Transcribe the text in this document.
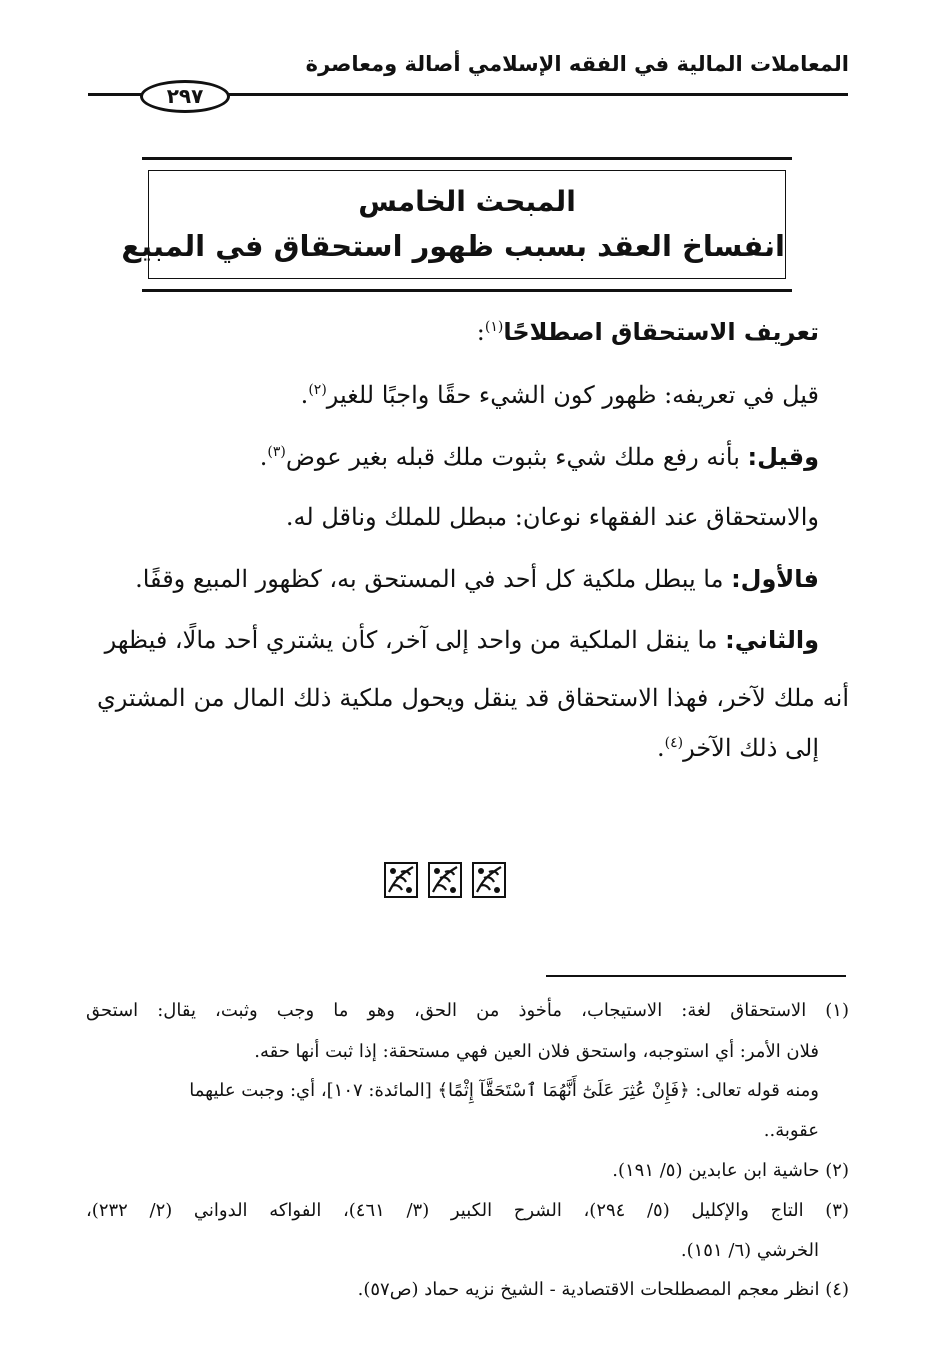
المعاملات المالية في الفقه الإسلامي أصالة ومعاصرة
٢٩٧
المبحث الخامس
انفساخ العقد بسبب ظهور استحقاق في المبيع
تعريف الاستحقاق اصطلاحًا$^{(١)}$:
قيل في تعريفه: ظهور كون الشيء حقًا واجبًا للغير$^{(٢)}$.
وقيل: بأنه رفع ملك شيء بثبوت ملك قبله بغير عوض$^{(٣)}$.
والاستحقاق عند الفقهاء نوعان: مبطل للملك وناقل له.
فالأول: ما يبطل ملكية كل أحد في المستحق به، كظهور المبيع وقفًا.
والثاني: ما ينقل الملكية من واحد إلى آخر، كأن يشتري أحد مالًا، فيظهر
أنه ملك لآخر، فهذا الاستحقاق قد ينقل ويحول ملكية ذلك المال من المشتري
إلى ذلك الآخر$^{(٤)}$.
(١) الاستحقاق لغة: الاستيجاب، مأخوذ من الحق، وهو ما وجب وثبت، يقال: استحق
فلان الأمر: أي استوجبه، واستحق فلان العين فهي مستحقة: إذا ثبت أنها حقه.
ومنه قوله تعالى: ﴿فَإِنْ عُثِرَ عَلَىٰٓ أَنَّهُمَا ٱسْتَحَقَّآ إِثْمًا﴾ [المائدة: ١٠٧]، أي: وجبت عليهما
عقوبة..
(٢) حاشية ابن عابدين (٥/ ١٩١).
(٣) التاج والإكليل (٥/ ٢٩٤)، الشرح الكبير (٣/ ٤٦١)، الفواكه الدواني (٢/ ٢٣٢)،
الخرشي (٦/ ١٥١).
(٤) انظر معجم المصطلحات الاقتصادية - الشيخ نزيه حماد (ص٥٧).
